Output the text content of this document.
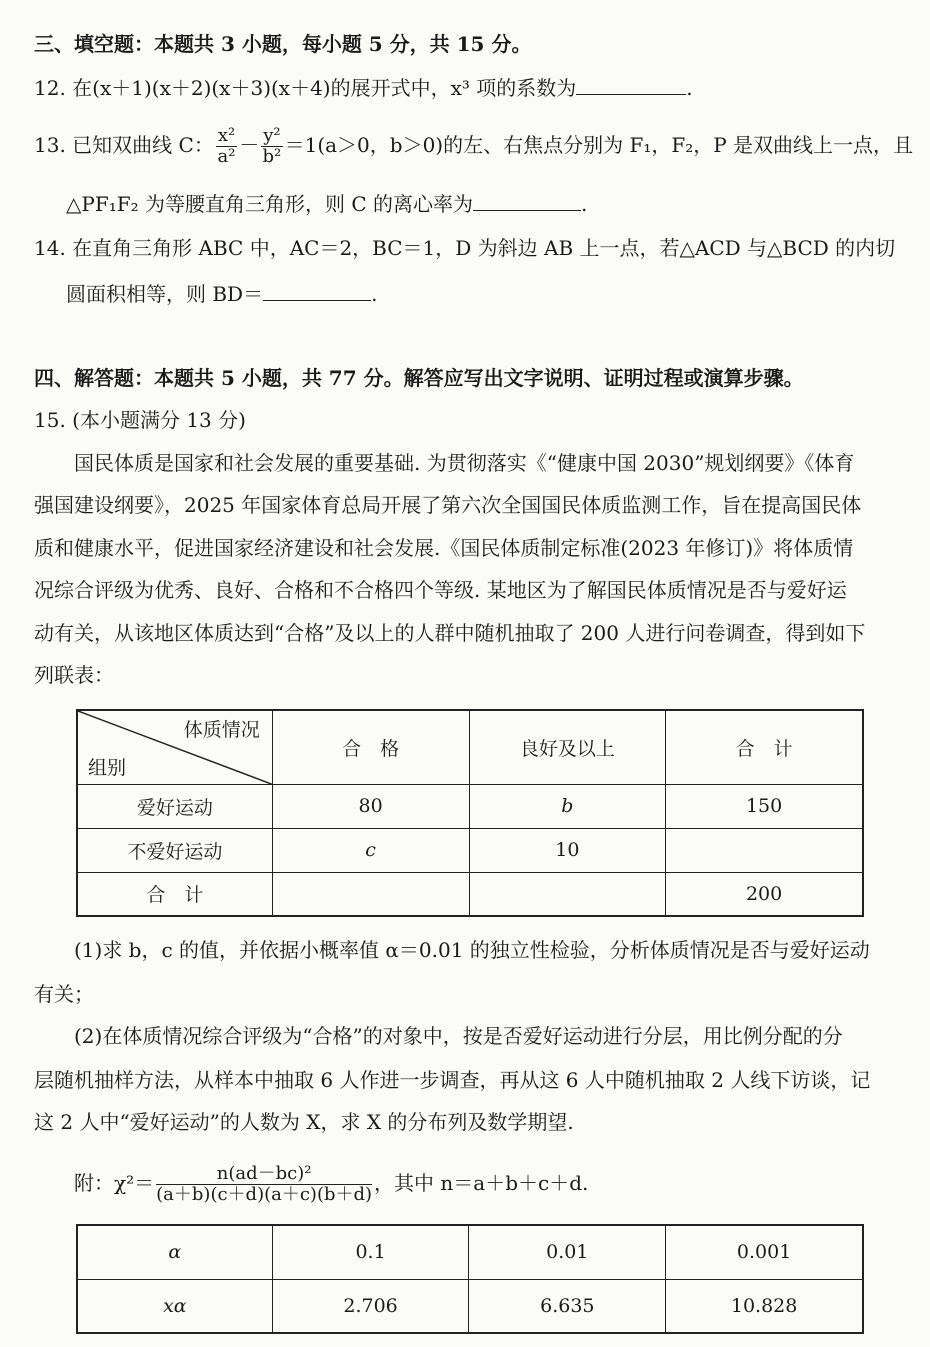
三、填空题：本题共 3 小题，每小题 5 分，共 15 分。
12. 在(x＋1)(x＋2)(x＋3)(x＋4)的展开式中，x³ 项的系数为	.
13. 已知双曲线 C： $\frac{\text{x²}}{\text{a²}} - \frac{\text{y²}}{\text{b²}} =1(a>0$，b＞0)的左、右焦点分别为 F₁，F₂，P 是双曲线上一点，且
△PF₁F₂ 为等腰直角三角形，则 C 的离心率为	.
14. 在直角三角形 ABC 中，AC＝2，BC＝1，D 为斜边 AB 上一点，若△ACD 与△BCD 的内切
圆面积相等，则 BD＝	.
四、解答题：本题共 5 小题，共 77 分。解答应写出文字说明、证明过程或演算步骤。
15. (本小题满分 13 分)
国民体质是国家和社会发展的重要基础. 为贯彻落实《“健康中国 2030”规划纲要》《体育
强国建设纲要》，2025 年国家体育总局开展了第六次全国国民体质监测工作，旨在提高国民体
质和健康水平，促进国家经济建设和社会发展.《国民体质制定标准(2023 年修订)》将体质情
况综合评级为优秀、良好、合格和不合格四个等级. 某地区为了解国民体质情况是否与爱好运
动有关，从该地区体质达到“合格”及以上的人群中随机抽取了 200 人进行问卷调查，得到如下
列联表：
体质情况
组别	合　格	良好及以上	合　计
爱好运动	80	b	150
不爱好运动	c	10	
合　计			200
(1)求 b，c 的值，并依据小概率值 α＝0.01 的独立性检验，分析体质情况是否与爱好运动
有关；
(2)在体质情况综合评级为“合格”的对象中，按是否爱好运动进行分层，用比例分配的分
层随机抽样方法，从样本中抽取 6 人作进一步调查，再从这 6 人中随机抽取 2 人线下访谈，记
这 2 人中“爱好运动”的人数为 X，求 X 的分布列及数学期望.
附：$\chi^2= \frac{\text{n(ad－bc)²}}{(a+b)(c+d)(a+c)(b+d)}$ ，其中 n＝a＋b＋c＋d.
α	0.1	0.01	0.001
xα	2.706	6.635	10.828
